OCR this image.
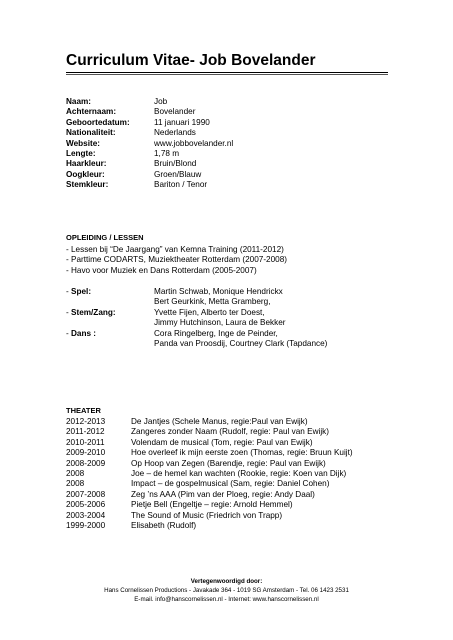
Curriculum Vitae- Job Bovelander
Naam:	Job
Achternaam:	Bovelander
Geboortedatum:	11 januari 1990
Nationaliteit:	Nederlands
Website:	www.jobbovelander.nl
Lengte:	1,78 m
Haarkleur:	Bruin/Blond
Oogkleur:	Groen/Blauw
Stemkleur:	Bariton / Tenor
OPLEIDING / LESSEN
- Lessen bij “De Jaargang” van Kemna Training (2011-2012)
- Parttime CODARTS, Muziektheater Rotterdam (2007-2008)
- Havo voor Muziek en Dans Rotterdam (2005-2007)
- Spel:	Martin Schwab, Monique Hendrickx
Bert Geurkink, Metta Gramberg,
- Stem/Zang:	Yvette Fijen, Alberto ter Doest,
Jimmy Hutchinson, Laura de Bekker
- Dans :	Cora Ringelberg, Inge de Peinder,
Panda van Proosdij, Courtney Clark (Tapdance)
THEATER
2012-2013	De Jantjes (Schele Manus, regie:Paul van Ewijk)
2011-2012	Zangeres zonder Naam (Rudolf, regie: Paul van Ewijk)
2010-2011	Volendam de musical (Tom, regie: Paul van Ewijk)
2009-2010	Hoe overleef ik mijn eerste zoen (Thomas, regie: Bruun Kuijt)
2008-2009	Op Hoop van Zegen (Barendje, regie: Paul van Ewijk)
2008	Joe – de hemel kan wachten (Rookie, regie: Koen van Dijk)
2008	Impact – de gospelmusical (Sam, regie: Daniel Cohen)
2007-2008	Zeg ’ns AAA (Pim van der Ploeg, regie: Andy Daal)
2005-2006	Pietje Bell (Engeltje – regie: Arnold Hemmel)
2003-2004	The Sound of Music (Friedrich von Trapp)
1999-2000	Elisabeth (Rudolf)
Vertegenwoordigd door:
Hans Cornelissen Productions - Javakade 364 - 1019 SG Amsterdam - Tel. 06 1423 2531
E-mail. info@hanscornelissen.nl - Internet: www.hanscornelissen.nl
